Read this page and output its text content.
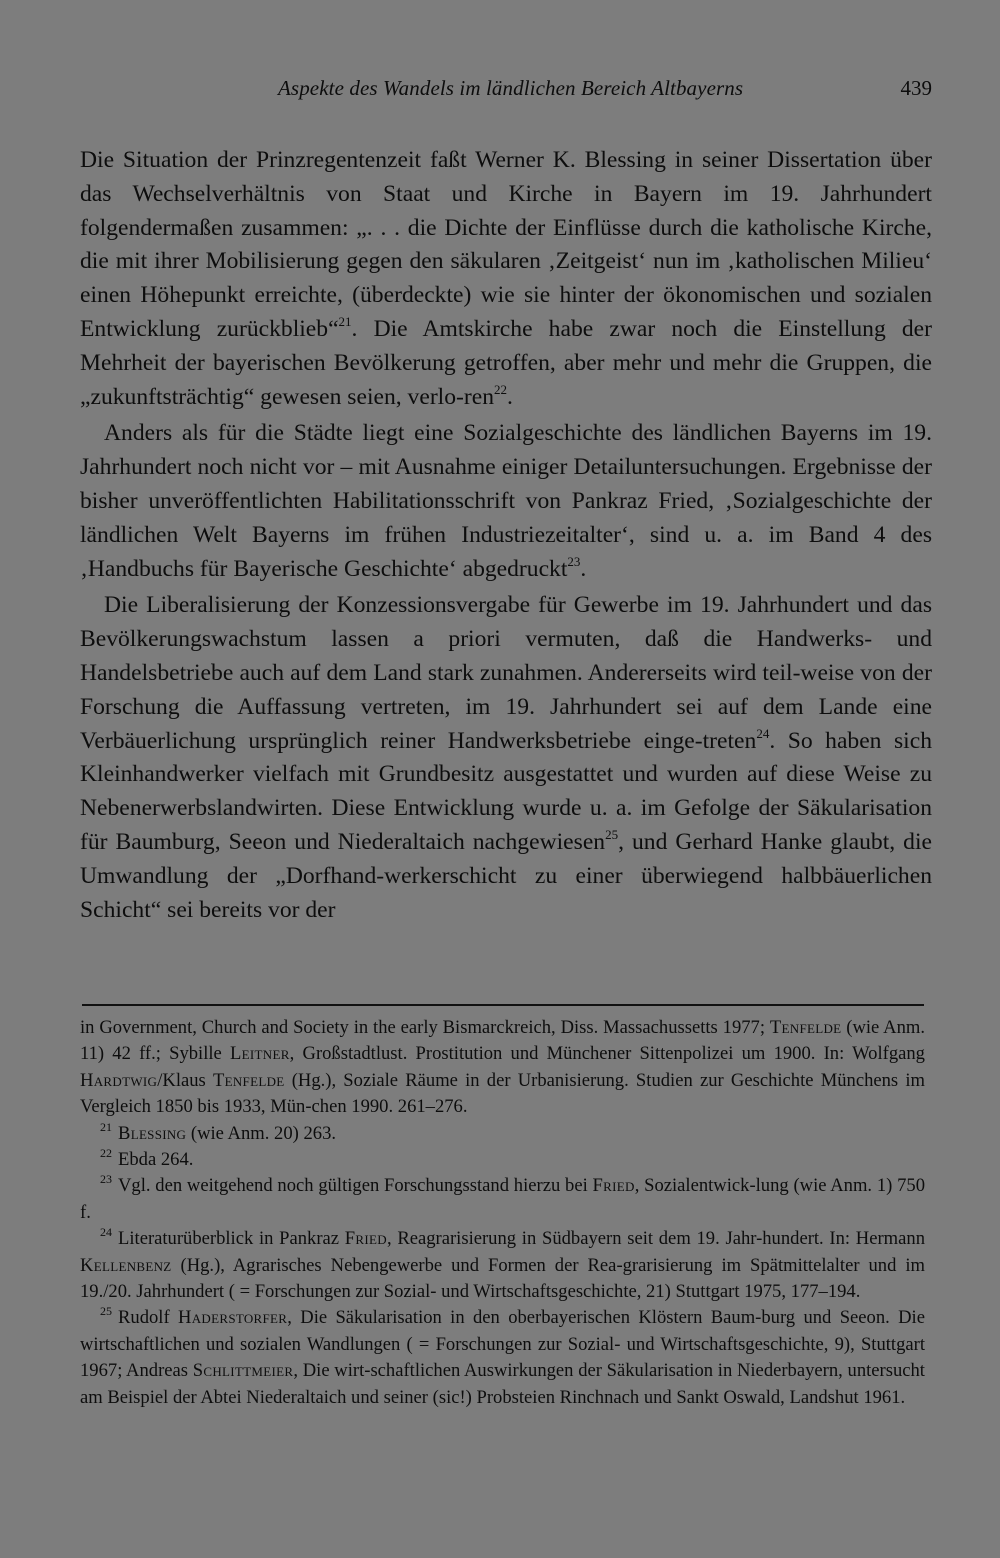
Aspekte des Wandels im ländlichen Bereich Altbayerns	439

Die Situation der Prinzregentenzeit faßt Werner K. Blessing in seiner Dissertation über das Wechselverhältnis von Staat und Kirche in Bayern im 19. Jahrhundert folgendermaßen zusammen: „. . . die Dichte der Einflüsse durch die katholische Kirche, die mit ihrer Mobilisierung gegen den säkularen ‚Zeitgeist‘ nun im ‚katholischen Milieu‘ einen Höhepunkt erreichte, (überdeckte) wie sie hinter der ökonomischen und sozialen Entwicklung zurückblieb“$^{21}$. Die Amtskirche habe zwar noch die Einstellung der Mehrheit der bayerischen Bevölkerung getroffen, aber mehr und mehr die Gruppen, die „zukunftsträchtig“ gewesen seien, verlo-ren$^{22}$.

Anders als für die Städte liegt eine Sozialgeschichte des ländlichen Bayerns im 19. Jahrhundert noch nicht vor – mit Ausnahme einiger Detailuntersuchungen. Ergebnisse der bisher unveröffentlichten Habilitationsschrift von Pankraz Fried, ‚Sozialgeschichte der ländlichen Welt Bayerns im frühen Industriezeitalter‘, sind u. a. im Band 4 des ‚Handbuchs für Bayerische Geschichte‘ abgedruckt$^{23}$.

Die Liberalisierung der Konzessionsvergabe für Gewerbe im 19. Jahrhundert und das Bevölkerungswachstum lassen a priori vermuten, daß die Handwerks- und Handelsbetriebe auch auf dem Land stark zunahmen. Andererseits wird teil-weise von der Forschung die Auffassung vertreten, im 19. Jahrhundert sei auf dem Lande eine Verbäuerlichung ursprünglich reiner Handwerksbetriebe einge-treten$^{24}$. So haben sich Kleinhandwerker vielfach mit Grundbesitz ausgestattet und wurden auf diese Weise zu Nebenerwerbslandwirten. Diese Entwicklung wurde u. a. im Gefolge der Säkularisation für Baumburg, Seeon und Niederaltaich nachgewiesen$^{25}$, und Gerhard Hanke glaubt, die Umwandlung der „Dorfhand-werkerschicht zu einer überwiegend halbbäuerlichen Schicht“ sei bereits vor der

in Government, Church and Society in the early Bismarckreich, Diss. Massachussetts 1977; Tenfelde (wie Anm. 11) 42 ff.; Sybille Leitner, Großstadtlust. Prostitution und Münchener Sittenpolizei um 1900. In: Wolfgang Hardtwig/Klaus Tenfelde (Hg.), Soziale Räume in der Urbanisierung. Studien zur Geschichte Münchens im Vergleich 1850 bis 1933, Mün-chen 1990. 261–276.

$^{21}$ Blessing (wie Anm. 20) 263.

$^{22}$ Ebda 264.

$^{23}$ Vgl. den weitgehend noch gültigen Forschungsstand hierzu bei Fried, Sozialentwick-lung (wie Anm. 1) 750 f.

$^{24}$ Literaturüberblick in Pankraz Fried, Reagrarisierung in Südbayern seit dem 19. Jahr-hundert. In: Hermann Kellenbenz (Hg.), Agrarisches Nebengewerbe und Formen der Rea-grarisierung im Spätmittelalter und im 19./20. Jahrhundert ( = Forschungen zur Sozial- und Wirtschaftsgeschichte, 21) Stuttgart 1975, 177–194.

$^{25}$ Rudolf Haderstorfer, Die Säkularisation in den oberbayerischen Klöstern Baum-burg und Seeon. Die wirtschaftlichen und sozialen Wandlungen ( = Forschungen zur Sozial- und Wirtschaftsgeschichte, 9), Stuttgart 1967; Andreas Schlittmeier, Die wirt-schaftlichen Auswirkungen der Säkularisation in Niederbayern, untersucht am Beispiel der Abtei Niederaltaich und seiner (sic!) Probsteien Rinchnach und Sankt Oswald, Landshut 1961.
